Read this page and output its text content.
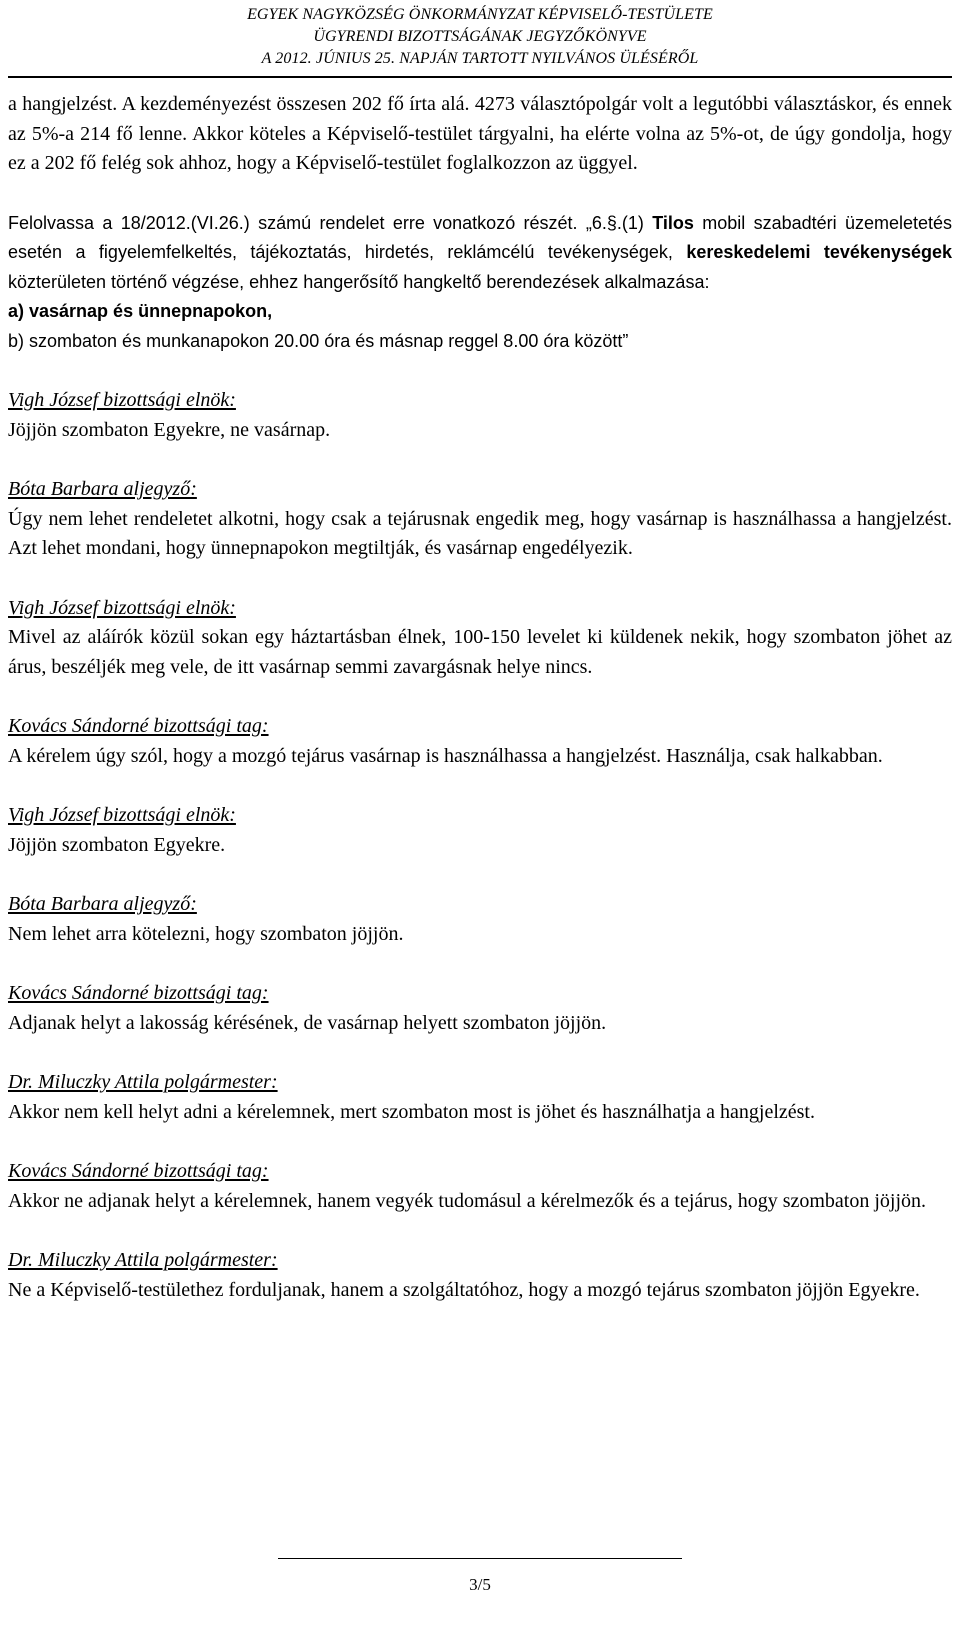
EGYEK NAGYKÖZSÉG ÖNKORMÁNYZAT KÉPVISELŐ-TESTÜLETE
ÜGYRENDI BIZOTTSÁGÁNAK JEGYZŐKÖNYVE
A 2012. JÚNIUS 25. NAPJÁN TARTOTT NYILVÁNOS ÜLÉSÉRŐL

a hangjelzést. A kezdeményezést összesen 202 fő írta alá. 4273 választópolgár volt a legutóbbi választáskor, és ennek az 5%-a 214 fő lenne. Akkor köteles a Képviselő-testület tárgyalni, ha elérte volna az 5%-ot, de úgy gondolja, hogy ez a 202 fő felég sok ahhoz, hogy a Képviselő-testület foglalkozzon az üggyel.

Felolvassa a 18/2012.(VI.26.) számú rendelet erre vonatkozó részét. „6.§.(1) Tilos mobil szabadtéri üzemeletetés esetén a figyelemfelkeltés, tájékoztatás, hirdetés, reklámcélú tevékenységek, kereskedelemi tevékenységek közterületen történő végzése, ehhez hangerősítő hangkeltő berendezések alkalmazása:

a) vasárnap és ünnepnapokon,

b) szombaton és munkanapokon 20.00 óra és másnap reggel 8.00 óra között”

Vigh József bizottsági elnök:

Jöjjön szombaton Egyekre, ne vasárnap.

Bóta Barbara aljegyző:

Úgy nem lehet rendeletet alkotni, hogy csak a tejárusnak engedik meg, hogy vasárnap is használhassa a hangjelzést. Azt lehet mondani, hogy ünnepnapokon megtiltják, és vasárnap engedélyezik.

Vigh József bizottsági elnök:

Mivel az aláírók közül sokan egy háztartásban élnek, 100-150 levelet ki küldenek nekik, hogy szombaton jöhet az árus, beszéljék meg vele, de itt vasárnap semmi zavargásnak helye nincs.

Kovács Sándorné bizottsági tag:

A kérelem úgy szól, hogy a mozgó tejárus vasárnap is használhassa a hangjelzést. Használja, csak halkabban.

Vigh József bizottsági elnök:

Jöjjön szombaton Egyekre.

Bóta Barbara aljegyző:

Nem lehet arra kötelezni, hogy szombaton jöjjön.

Kovács Sándorné bizottsági tag:

Adjanak helyt a lakosság kérésének, de vasárnap helyett szombaton jöjjön.

Dr. Miluczky Attila polgármester:

Akkor nem kell helyt adni a kérelemnek, mert szombaton most is jöhet és használhatja a hangjelzést.

Kovács Sándorné bizottsági tag:

Akkor ne adjanak helyt a kérelemnek, hanem vegyék tudomásul a kérelmezők és a tejárus, hogy szombaton jöjjön.

Dr. Miluczky Attila polgármester:

Ne a Képviselő-testülethez forduljanak, hanem a szolgáltatóhoz, hogy a mozgó tejárus szombaton jöjjön Egyekre.

3/5
